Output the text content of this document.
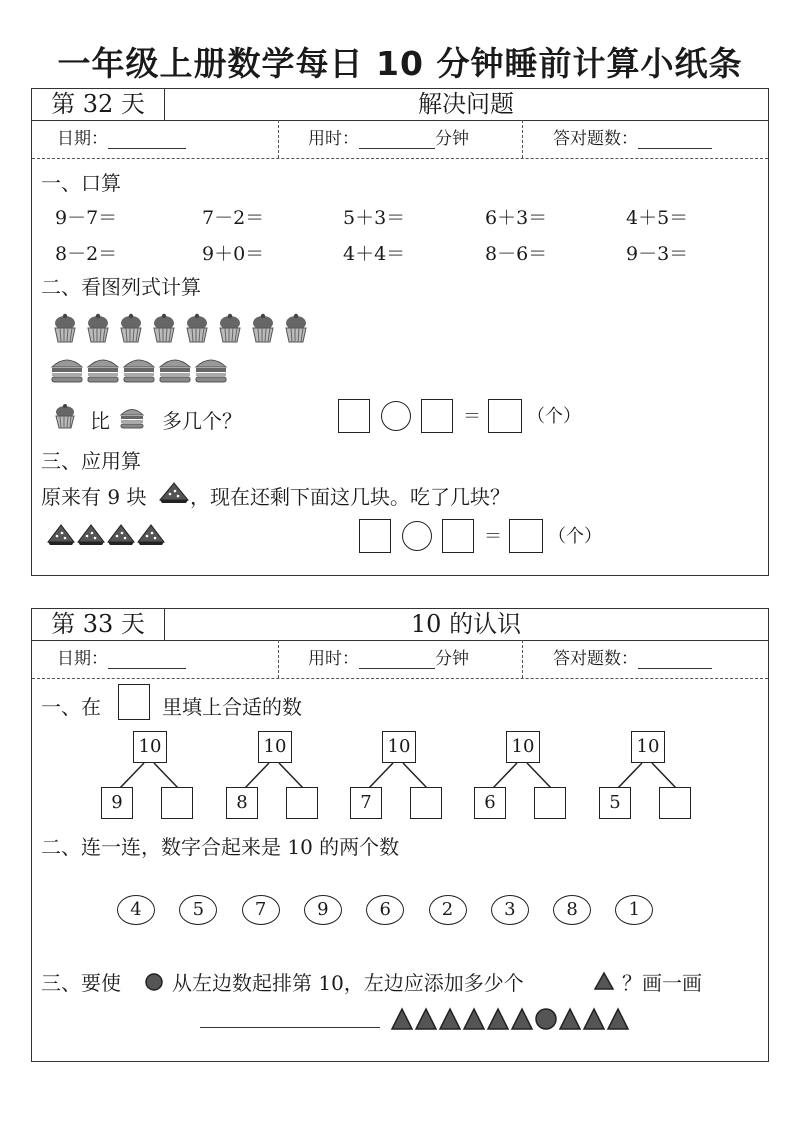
一年级上册数学每日 10 分钟睡前计算小纸条
第 32 天	解决问题
日期：	用时：	分钟	答对题数：
一、口算
9－7＝	7－2＝	5＋3＝	6＋3＝	4＋5＝
8－2＝	9＋0＝	4＋4＝	8－6＝	9－3＝
二、看图列式计算
比	多几个？	＝	（个）
三、应用算
原来有 9 块 ，现在还剩下面这几块。吃了几块？
＝	（个）
第 33 天	10 的认识
日期：	用时：	分钟	答对题数：
一、在	里填上合适的数
10
9
10
8
10
7
10
6
10
5
二、连一连，数字合起来是 10 的两个数
4	5	7	9	6	2	3	8	1
三、要使	从左边数起排第 10，左边应添加多少个	？画一画
